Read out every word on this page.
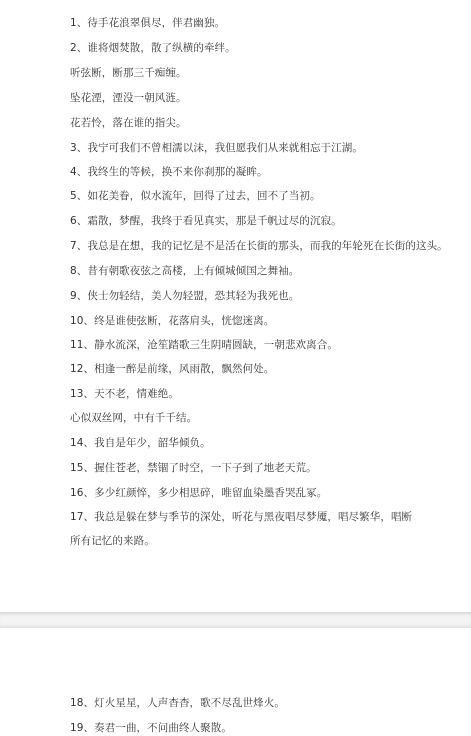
1、待手花浪翠俱尽，伴君幽独。
2、谁将烟焚散，散了纵横的牵绊。
听弦断，断那三千痴缠。
坠花湮，湮没一朝风涟。
花若怜，落在谁的指尖。
3、我宁可我们不曾相濡以沫，我但愿我们从来就相忘于江湖。
4、我终生的等候，换不来你刹那的凝眸。
5、如花美眷，似水流年，回得了过去，回不了当初。
6、霜散，梦醒，我终于看见真实，那是千帆过尽的沉寂。
7、我总是在想，我的记忆是不是活在长街的那头，而我的年轮死在长街的这头。
8、昔有朝歌夜弦之高楼，上有倾城倾国之舞袖。
9、侠士勿轻结，美人勿轻盟，恐其轻为我死也。
10、终是谁使弦断，花落肩头，恍惚迷离。
11、静水流深，沧笙踏歌三生阴晴圆缺，一朝悲欢离合。
12、相逢一醉是前缘，风雨散，飘然何处。
13、天不老，情难绝。
心似双丝网，中有千千结。
14、我自是年少，韶华倾负。
15、握住苍老，禁锢了时空，一下子到了地老天荒。
16、多少红颜悴，多少相思碎，唯留血染墨香哭乱冢。
17、我总是躲在梦与季节的深处，听花与黑夜唱尽梦魇，唱尽繁华，唱断所有记忆的来路。
18、灯火星星，人声杳杳，歌不尽乱世烽火。
19、奏君一曲，不问曲终人聚散。
